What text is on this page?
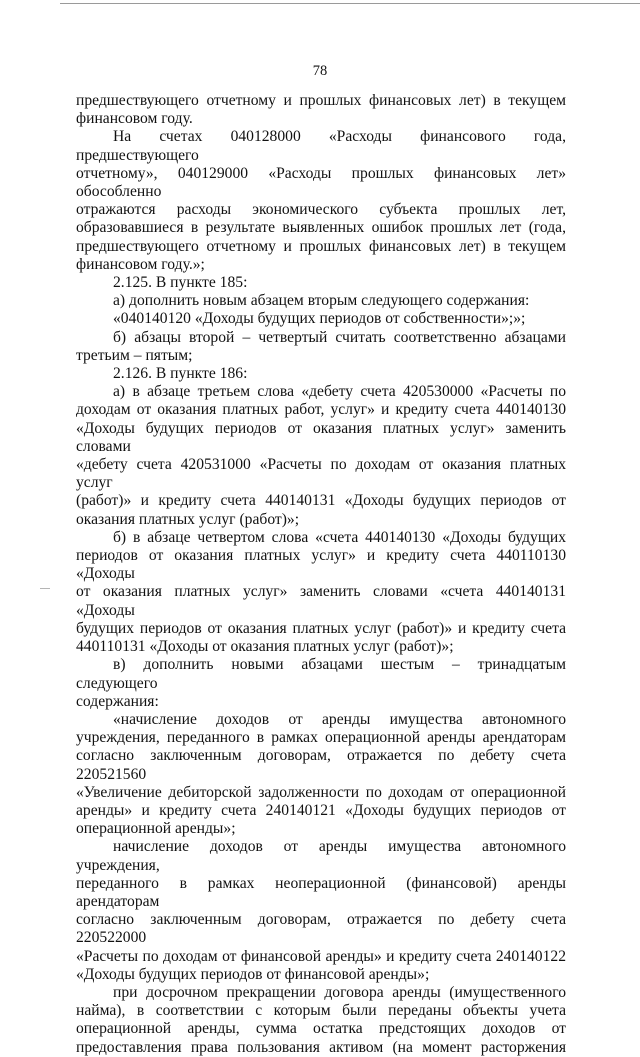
78
предшествующего отчетному и прошлых финансовых лет) в текущем
финансовом году.
На счетах 040128000 «Расходы финансового года, предшествующего
отчетному», 040129000 «Расходы прошлых финансовых лет» обособленно
отражаются расходы экономического субъекта прошлых лет,
образовавшиеся в результате выявленных ошибок прошлых лет (года,
предшествующего отчетному и прошлых финансовых лет) в текущем
финансовом году.»;
2.125. В пункте 185:
а) дополнить новым абзацем вторым следующего содержания:
«040140120 «Доходы будущих периодов от собственности»;»;
б) абзацы второй – четвертый считать соответственно абзацами
третьим – пятым;
2.126. В пункте 186:
а) в абзаце третьем слова «дебету счета 420530000 «Расчеты по
доходам от оказания платных работ, услуг» и кредиту счета 440140130
«Доходы будущих периодов от оказания платных услуг» заменить словами
«дебету счета 420531000 «Расчеты по доходам от оказания платных услуг
(работ)» и кредиту счета 440140131 «Доходы будущих периодов от
оказания платных услуг (работ)»;
б) в абзаце четвертом слова «счета 440140130 «Доходы будущих
периодов от оказания платных услуг» и кредиту счета 440110130 «Доходы
от оказания платных услуг» заменить словами «счета 440140131 «Доходы
будущих периодов от оказания платных услуг (работ)» и кредиту счета
440110131 «Доходы от оказания платных услуг (работ)»;
в) дополнить новыми абзацами шестым – тринадцатым следующего
содержания:
«начисление доходов от аренды имущества автономного
учреждения, переданного в рамках операционной аренды арендаторам
согласно заключенным договорам, отражается по дебету счета 220521560
«Увеличение дебиторской задолженности по доходам от операционной
аренды» и кредиту счета 240140121 «Доходы будущих периодов от
операционной аренды»;
начисление доходов от аренды имущества автономного учреждения,
переданного в рамках неоперационной (финансовой) аренды арендаторам
согласно заключенным договорам, отражается по дебету счета 220522000
«Расчеты по доходам от финансовой аренды» и кредиту счета 240140122
«Доходы будущих периодов от финансовой аренды»;
при досрочном прекращении договора аренды (имущественного
найма), в соответствии с которым были переданы объекты учета
операционной аренды, сумма остатка предстоящих доходов от
предоставления права пользования активом (на момент расторжения
